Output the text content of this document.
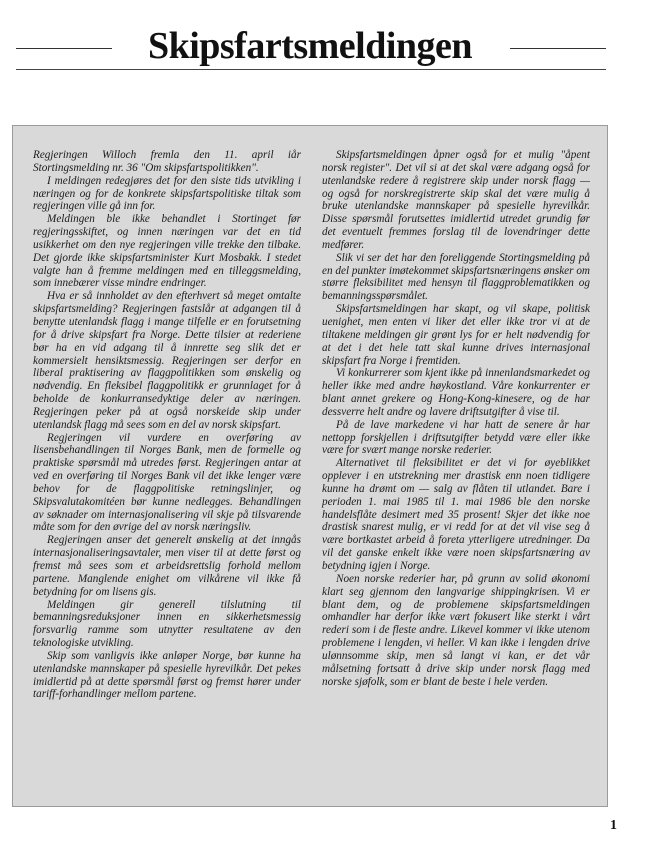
Skipsfartsmeldingen

Regjeringen Willoch fremla den 11. april iår Stortingsmelding nr. 36 "Om skipsfartspolitikken".

I meldingen redegjøres det for den siste tids utvikling i næringen og for de konkrete skipsfartspolitiske tiltak som regjeringen ville gå inn for.

Meldingen ble ikke behandlet i Stortinget før regjeringsskiftet, og innen næringen var det en tid usikkerhet om den nye regjeringen ville trekke den tilbake. Det gjorde ikke skipsfartsminister Kurt Mosbakk. I stedet valgte han å fremme meldingen med en tilleggsmelding, som innebærer visse mindre endringer.

Hva er så innholdet av den efterhvert så meget omtalte skipsfartsmelding? Regjeringen fastslår at adgangen til å benytte utenlandsk flagg i mange tilfelle er en forutsetning for å drive skipsfart fra Norge. Dette tilsier at rederiene bør ha en vid adgang til å innrette seg slik det er kommersielt hensiktsmessig. Regjeringen ser derfor en liberal praktisering av flaggpolitikken som ønskelig og nødvendig. En fleksibel flaggpolitikk er grunnlaget for å beholde de konkurransedyktige deler av næringen. Regjeringen peker på at også norskeide skip under utenlandsk flagg må sees som en del av norsk skipsfart.

Regjeringen vil vurdere en overføring av lisensbehandlingen til Norges Bank, men de formelle og praktiske spørsmål må utredes først. Regjeringen antar at ved en overføring til Norges Bank vil det ikke lenger være behov for de flaggpolitiske retningslinjer, og Skipsvalutakomitéen bør kunne nedlegges. Behandlingen av søknader om internasjonalisering vil skje på tilsvarende måte som for den øvrige del av norsk næringsliv.

Regjeringen anser det generelt ønskelig at det inngås internasjonaliseringsavtaler, men viser til at dette først og fremst må sees som et arbeidsrettslig forhold mellom partene. Manglende enighet om vilkårene vil ikke få betydning for om lisens gis.

Meldingen gir generell tilslutning til bemanningsreduksjoner innen en sikkerhetsmessig forsvarlig ramme som utnytter resultatene av den teknologiske utvikling.

Skip som vanligvis ikke anløper Norge, bør kunne ha utenlandske mannskaper på spesielle hyrevilkår. Det pekes imidlertid på at dette spørsmål først og fremst hører under tariff-forhandlinger mellom partene.

Skipsfartsmeldingen åpner også for et mulig "åpent norsk register". Det vil si at det skal være adgang også for utenlandske redere å registrere skip under norsk flagg — og også for norskregistrerte skip skal det være mulig å bruke utenlandske mannskaper på spesielle hyrevilkår. Disse spørsmål forutsettes imidlertid utredet grundig før det eventuelt fremmes forslag til de lovendringer dette medfører.

Slik vi ser det har den foreliggende Stortingsmelding på en del punkter imøtekommet skipsfartsnæringens ønsker om større fleksibilitet med hensyn til flaggproblematikken og bemanningsspørsmålet.

Skipsfartsmeldingen har skapt, og vil skape, politisk uenighet, men enten vi liker det eller ikke tror vi at de tiltakene meldingen gir grønt lys for er helt nødvendig for at det i det hele tatt skal kunne drives internasjonal skipsfart fra Norge i fremtiden.

Vi konkurrerer som kjent ikke på innenlandsmarkedet og heller ikke med andre høykostland. Våre konkurrenter er blant annet grekere og Hong-Kong-kinesere, og de har dessverre helt andre og lavere driftsutgifter å vise til.

På de lave markedene vi har hatt de senere år har nettopp forskjellen i driftsutgifter betydd være eller ikke være for svært mange norske rederier.

Alternativet til fleksibilitet er det vi for øyeblikket opplever i en utstrekning mer drastisk enn noen tidligere kunne ha drømt om — salg av flåten til utlandet. Bare i perioden 1. mai 1985 til 1. mai 1986 ble den norske handelsflåte desimert med 35 prosent! Skjer det ikke noe drastisk snarest mulig, er vi redd for at det vil vise seg å være bortkastet arbeid å foreta ytterligere utredninger. Da vil det ganske enkelt ikke være noen skipsfartsnæring av betydning igjen i Norge.

Noen norske rederier har, på grunn av solid økonomi klart seg gjennom den langvarige shippingkrisen. Vi er blant dem, og de problemene skipsfartsmeldingen omhandler har derfor ikke vært fokusert like sterkt i vårt rederi som i de fleste andre. Likevel kommer vi ikke utenom problemene i lengden, vi heller. Vi kan ikke i lengden drive ulønnsomme skip, men så langt vi kan, er det vår målsetning fortsatt å drive skip under norsk flagg med norske sjøfolk, som er blant de beste i hele verden.

1
